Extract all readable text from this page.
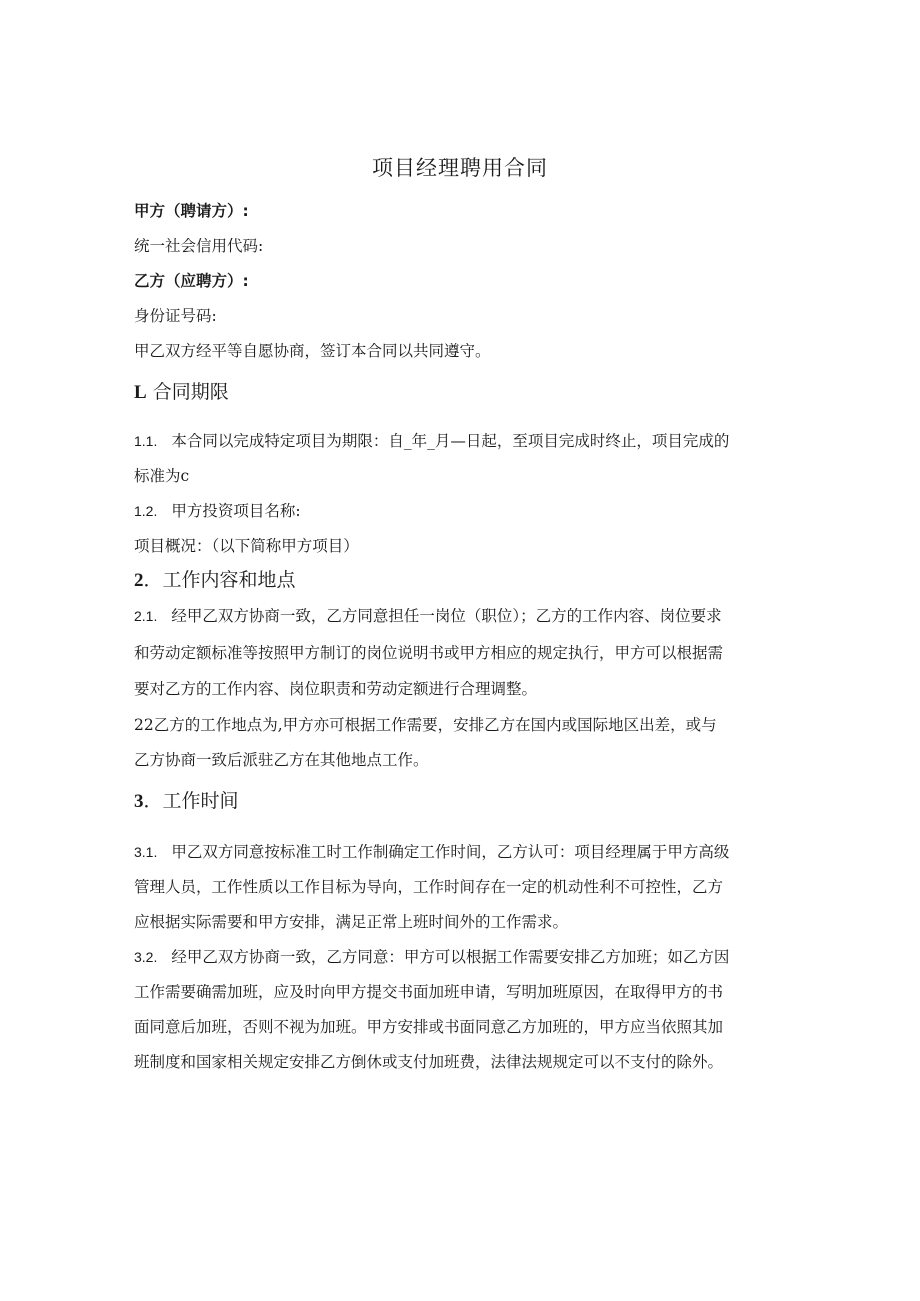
项目经理聘用合同

甲方（聘请方）:

统一社会信用代码:

乙方（应聘方）:

身份证号码:

甲乙双方经平等自愿协商，签订本合同以共同遵守。

L 合同期限

1.1. 本合同以完成特定项目为期限：自_年_月—日起，至项目完成时终止，项目完成的

标准为c

1.2. 甲方投资项目名称:

项目概况：（以下简称甲方项目）

2．工作内容和地点

2.1. 经甲乙双方协商一致，乙方同意担任一岗位（职位）；乙方的工作内容、岗位要求

和劳动定额标准等按照甲方制订的岗位说明书或甲方相应的规定执行，甲方可以根据需

要对乙方的工作内容、岗位职责和劳动定额进行合理调整。

22乙方的工作地点为,甲方亦可根据工作需要，安排乙方在国内或国际地区出差，或与

乙方协商一致后派驻乙方在其他地点工作。

3．工作时间

3.1. 甲乙双方同意按标准工时工作制确定工作时间，乙方认可：项目经理属于甲方高级

管理人员，工作性质以工作目标为导向，工作时间存在一定的机动性利不可控性，乙方

应根据实际需要和甲方安排，满足正常上班时间外的工作需求。

3.2. 经甲乙双方协商一致，乙方同意：甲方可以根据工作需要安排乙方加班；如乙方因

工作需要确需加班，应及时向甲方提交书面加班申请，写明加班原因，在取得甲方的书

面同意后加班，否则不视为加班。甲方安排或书面同意乙方加班的，甲方应当依照其加

班制度和国家相关规定安排乙方倒休或支付加班费，法律法规规定可以不支付的除外。
